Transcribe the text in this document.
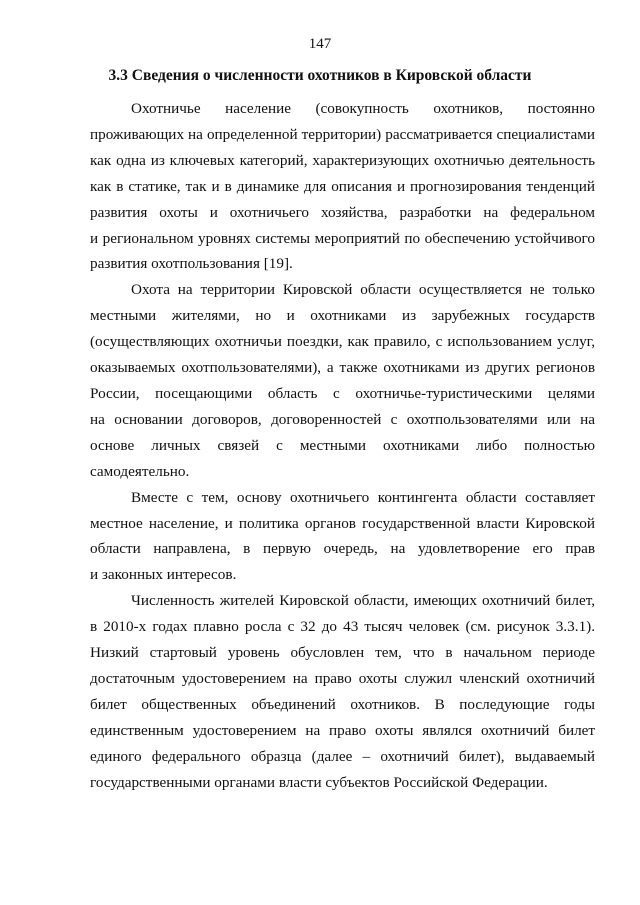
147
3.3 Сведения о численности охотников в Кировской области
Охотничье население (совокупность охотников, постоянно
проживающих на определенной территории) рассматривается специалистами
как одна из ключевых категорий, характеризующих охотничью деятельность
как в статике, так и в динамике для описания и прогнозирования тенденций
развития охоты и охотничьего хозяйства, разработки на федеральном
и региональном уровнях системы мероприятий по обеспечению устойчивого
развития охотпользования [19].
Охота на территории Кировской области осуществляется не только
местными жителями, но и охотниками из зарубежных государств
(осуществляющих охотничьи поездки, как правило, с использованием услуг,
оказываемых охотпользователями), а также охотниками из других регионов
России, посещающими область с охотничье-туристическими целями
на основании договоров, договоренностей с охотпользователями или на
основе личных связей с местными охотниками либо полностью
самодеятельно.
Вместе с тем, основу охотничьего контингента области составляет
местное население, и политика органов государственной власти Кировской
области направлена, в первую очередь, на удовлетворение его прав
и законных интересов.
Численность жителей Кировской области, имеющих охотничий билет,
в 2010-х годах плавно росла с 32 до 43 тысяч человек (см. рисунок 3.3.1).
Низкий стартовый уровень обусловлен тем, что в начальном периоде
достаточным удостоверением на право охоты служил членский охотничий
билет общественных объединений охотников. В последующие годы
единственным удостоверением на право охоты являлся охотничий билет
единого федерального образца (далее – охотничий билет), выдаваемый
государственными органами власти субъектов Российской Федерации.
